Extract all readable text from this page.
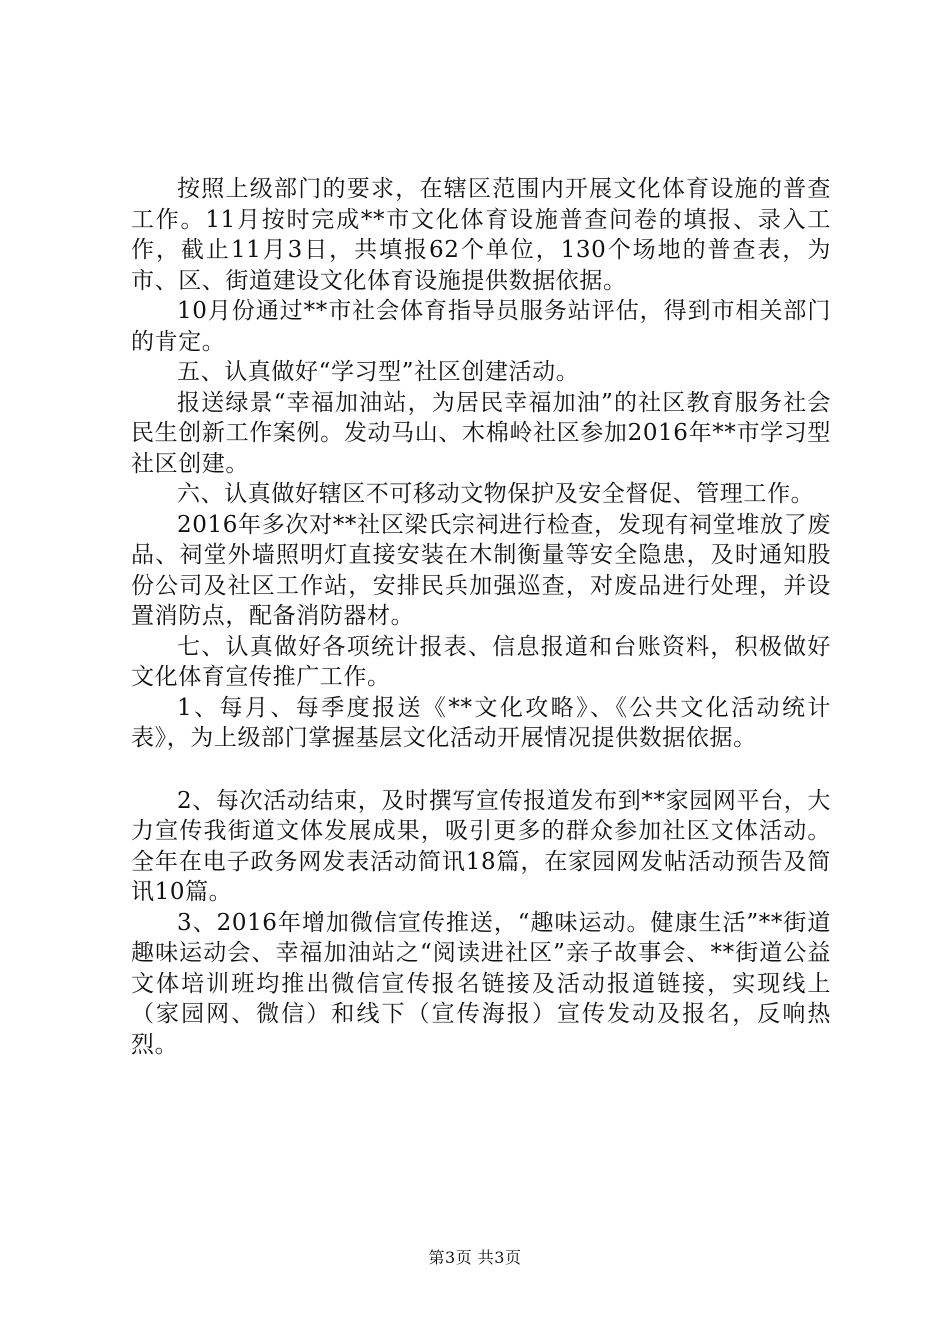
按照上级部门的要求，在辖区范围内开展文化体育设施的普查工作。11月按时完成**市文化体育设施普查问卷的填报、录入工作，截止11月3日，共填报62个单位，130个场地的普查表，为市、区、街道建设文化体育设施提供数据依据。

10月份通过**市社会体育指导员服务站评估，得到市相关部门的肯定。

五、认真做好“学习型”社区创建活动。

报送绿景“幸福加油站，为居民幸福加油”的社区教育服务社会民生创新工作案例。发动马山、木棉岭社区参加2016年**市学习型社区创建。

六、认真做好辖区不可移动文物保护及安全督促、管理工作。

2016年多次对**社区梁氏宗祠进行检查，发现有祠堂堆放了废品、祠堂外墙照明灯直接安装在木制衡量等安全隐患，及时通知股份公司及社区工作站，安排民兵加强巡查，对废品进行处理，并设置消防点，配备消防器材。

七、认真做好各项统计报表、信息报道和台账资料，积极做好文化体育宣传推广工作。

1、每月、每季度报送《**文化攻略》、《公共文化活动统计表》，为上级部门掌握基层文化活动开展情况提供数据依据。

2、每次活动结束，及时撰写宣传报道发布到**家园网平台，大力宣传我街道文体发展成果，吸引更多的群众参加社区文体活动。全年在电子政务网发表活动简讯18篇，在家园网发帖活动预告及简讯10篇。

3、2016年增加微信宣传推送，“趣味运动。健康生活”**街道趣味运动会、幸福加油站之“阅读进社区”亲子故事会、**街道公益文体培训班均推出微信宣传报名链接及活动报道链接，实现线上（家园网、微信）和线下（宣传海报）宣传发动及报名，反响热烈。

第3页 共3页
